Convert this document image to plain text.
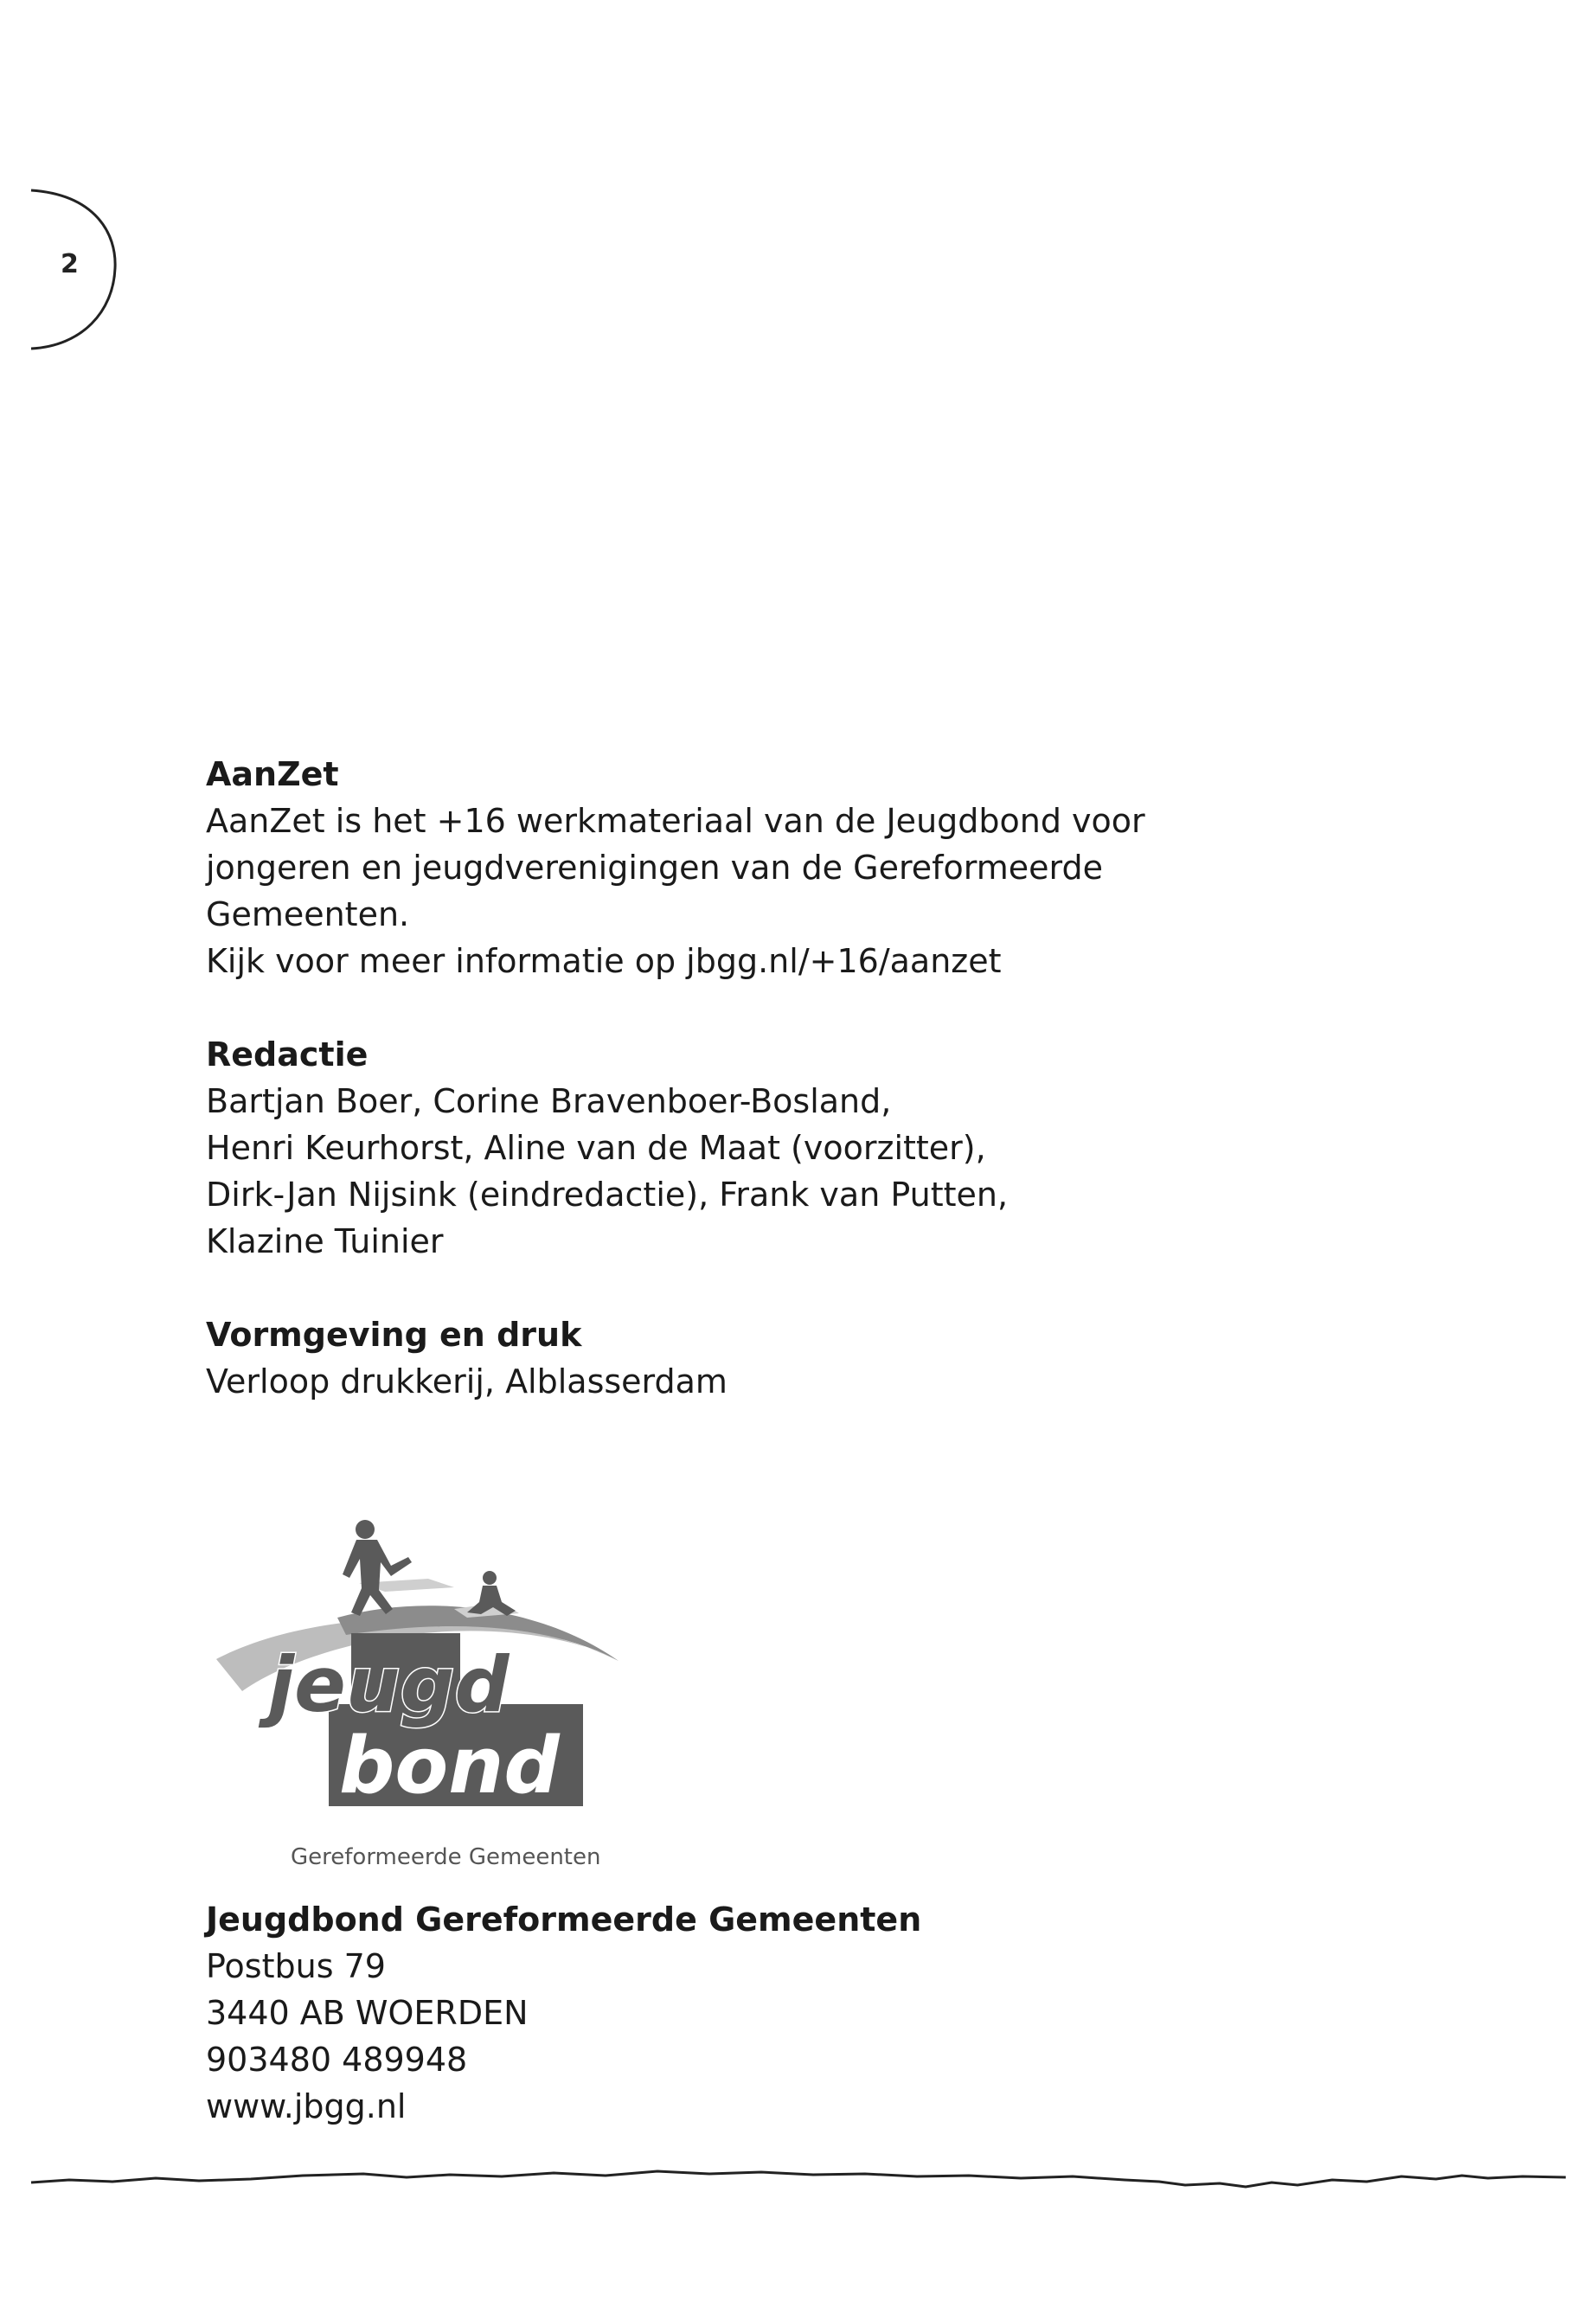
2
AanZet
AanZet is het +16 werkmateriaal van de Jeugdbond voor
jongeren en jeugdverenigingen van de Gereformeerde
Gemeenten.
Kijk voor meer informatie op jbgg.nl/+16/aanzet
Redactie
Bartjan Boer, Corine Bravenboer-Bosland,
Henri Keurhorst, Aline van de Maat (voorzitter),
Dirk-Jan Nijsink (eindredactie), Frank van Putten,
Klazine Tuinier
Vormgeving en druk
Verloop drukkerij, Alblasserdam
jeugd
bond
Gereformeerde Gemeenten
Jeugdbond Gereformeerde Gemeenten
Postbus 79
3440 AB WOERDEN
903480 489948
www.jbgg.nl
